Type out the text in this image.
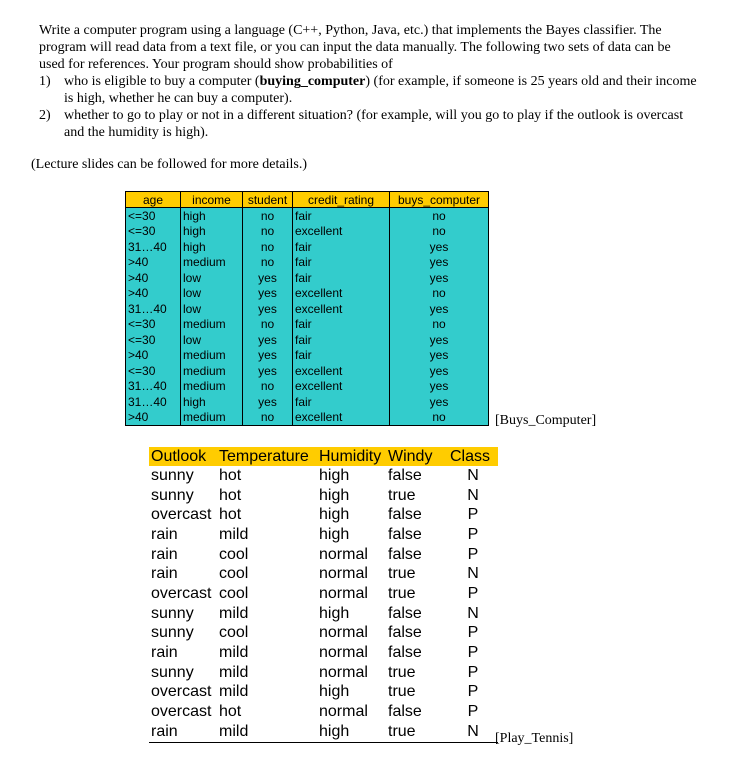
Write a computer program using a language (C++, Python, Java, etc.) that implements the Bayes classifier. The program will read data from a text file, or you can input the data manually. The following two sets of data can be used for references. Your program should show probabilities of

1) who is eligible to buy a computer (buying_computer) (for example, if someone is 25 years old and their income is high, whether he can buy a computer).
2) whether to go to play or not in a different situation? (for example, will you go to play if the outlook is overcast and the humidity is high).
(Lecture slides can be followed for more details.)
age	income	student	credit_rating	buys_computer
<=30	high	no	fair	no
<=30	high	no	excellent	no
31…40	high	no	fair	yes
>40	medium	no	fair	yes
>40	low	yes	fair	yes
>40	low	yes	excellent	no
31…40	low	yes	excellent	yes
<=30	medium	no	fair	no
<=30	low	yes	fair	yes
>40	medium	yes	fair	yes
<=30	medium	yes	excellent	yes
31…40	medium	no	excellent	yes
31…40	high	yes	fair	yes
>40	medium	no	excellent	no	[Buys_Computer]
Outlook	Temperature	Humidity	Windy	Class
sunny	hot	high	false	N
sunny	hot	high	true	N
overcast	hot	high	false	P
rain	mild	high	false	P
rain	cool	normal	false	P
rain	cool	normal	true	N
overcast	cool	normal	true	P
sunny	mild	high	false	N
sunny	cool	normal	false	P
rain	mild	normal	false	P
sunny	mild	normal	true	P
overcast	mild	high	true	P
overcast	hot	normal	false	P
rain	mild	high	true	N [Play_Tennis]
